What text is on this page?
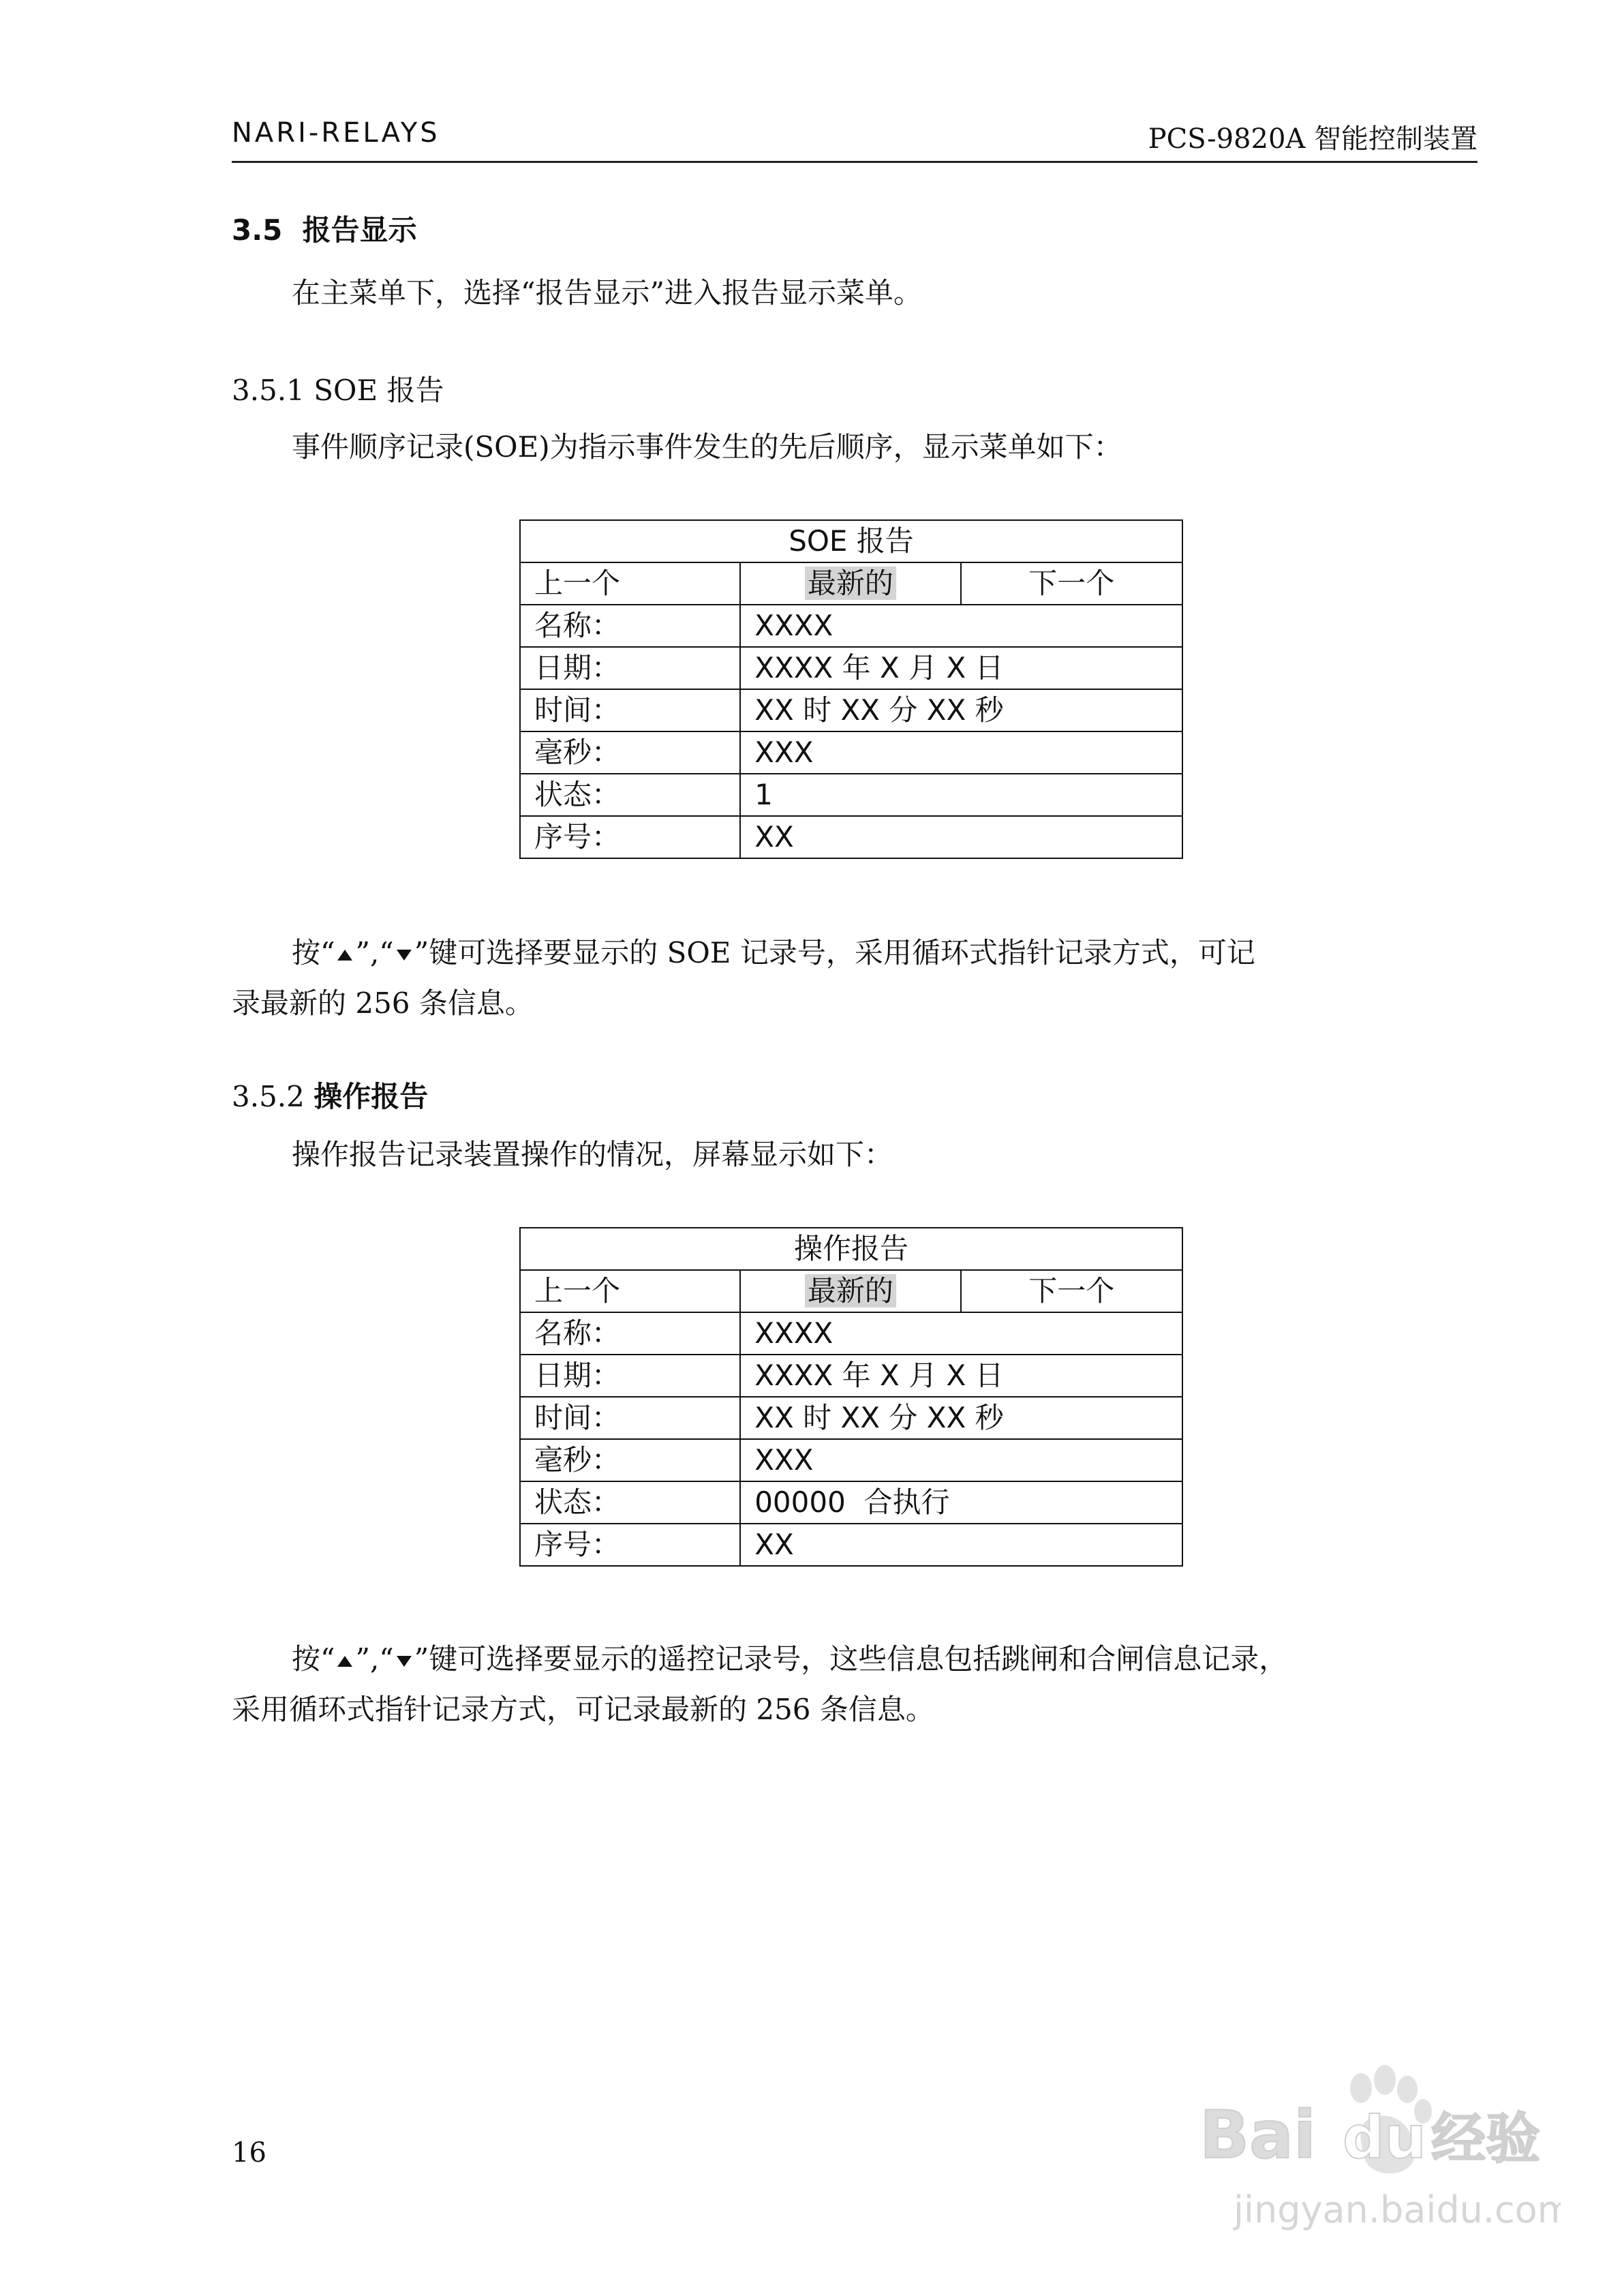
NARI-RELAYS	PCS-9820A 智能控制装置
3.5 报告显示
在主菜单下，选择“报告显示”进入报告显示菜单。
3.5.1 SOE 报告
事件顺序记录(SOE)为指示事件发生的先后顺序，显示菜单如下：
SOE 报告		
上一个	最新的	下一个
名称：	XXXX	
日期：	XXXX 年 X 月 X 日	
时间：	XX 时 XX 分 XX 秒	
毫秒：	XXX	
状态：	1	
序号：	XX	
按“ ”,“ ”键可选择要显示的 SOE 记录号，采用循环式指针记录方式，可记
录最新的 256 条信息。
3.5.2 操作报告
操作报告记录装置操作的情况，屏幕显示如下：
操作报告		
上一个	最新的	下一个
名称：	XXXX	
日期：	XXXX 年 X 月 X 日	
时间：	XX 时 XX 分 XX 秒	
毫秒：	XXX	
状态：	00000  合执行	
序号：	XX	
按“ ”,“ ”键可选择要显示的遥控记录号，这些信息包括跳闸和合闸信息记录，
采用循环式指针记录方式，可记录最新的 256 条信息。
16	Bai du 经验
jingyan.baidu.com
